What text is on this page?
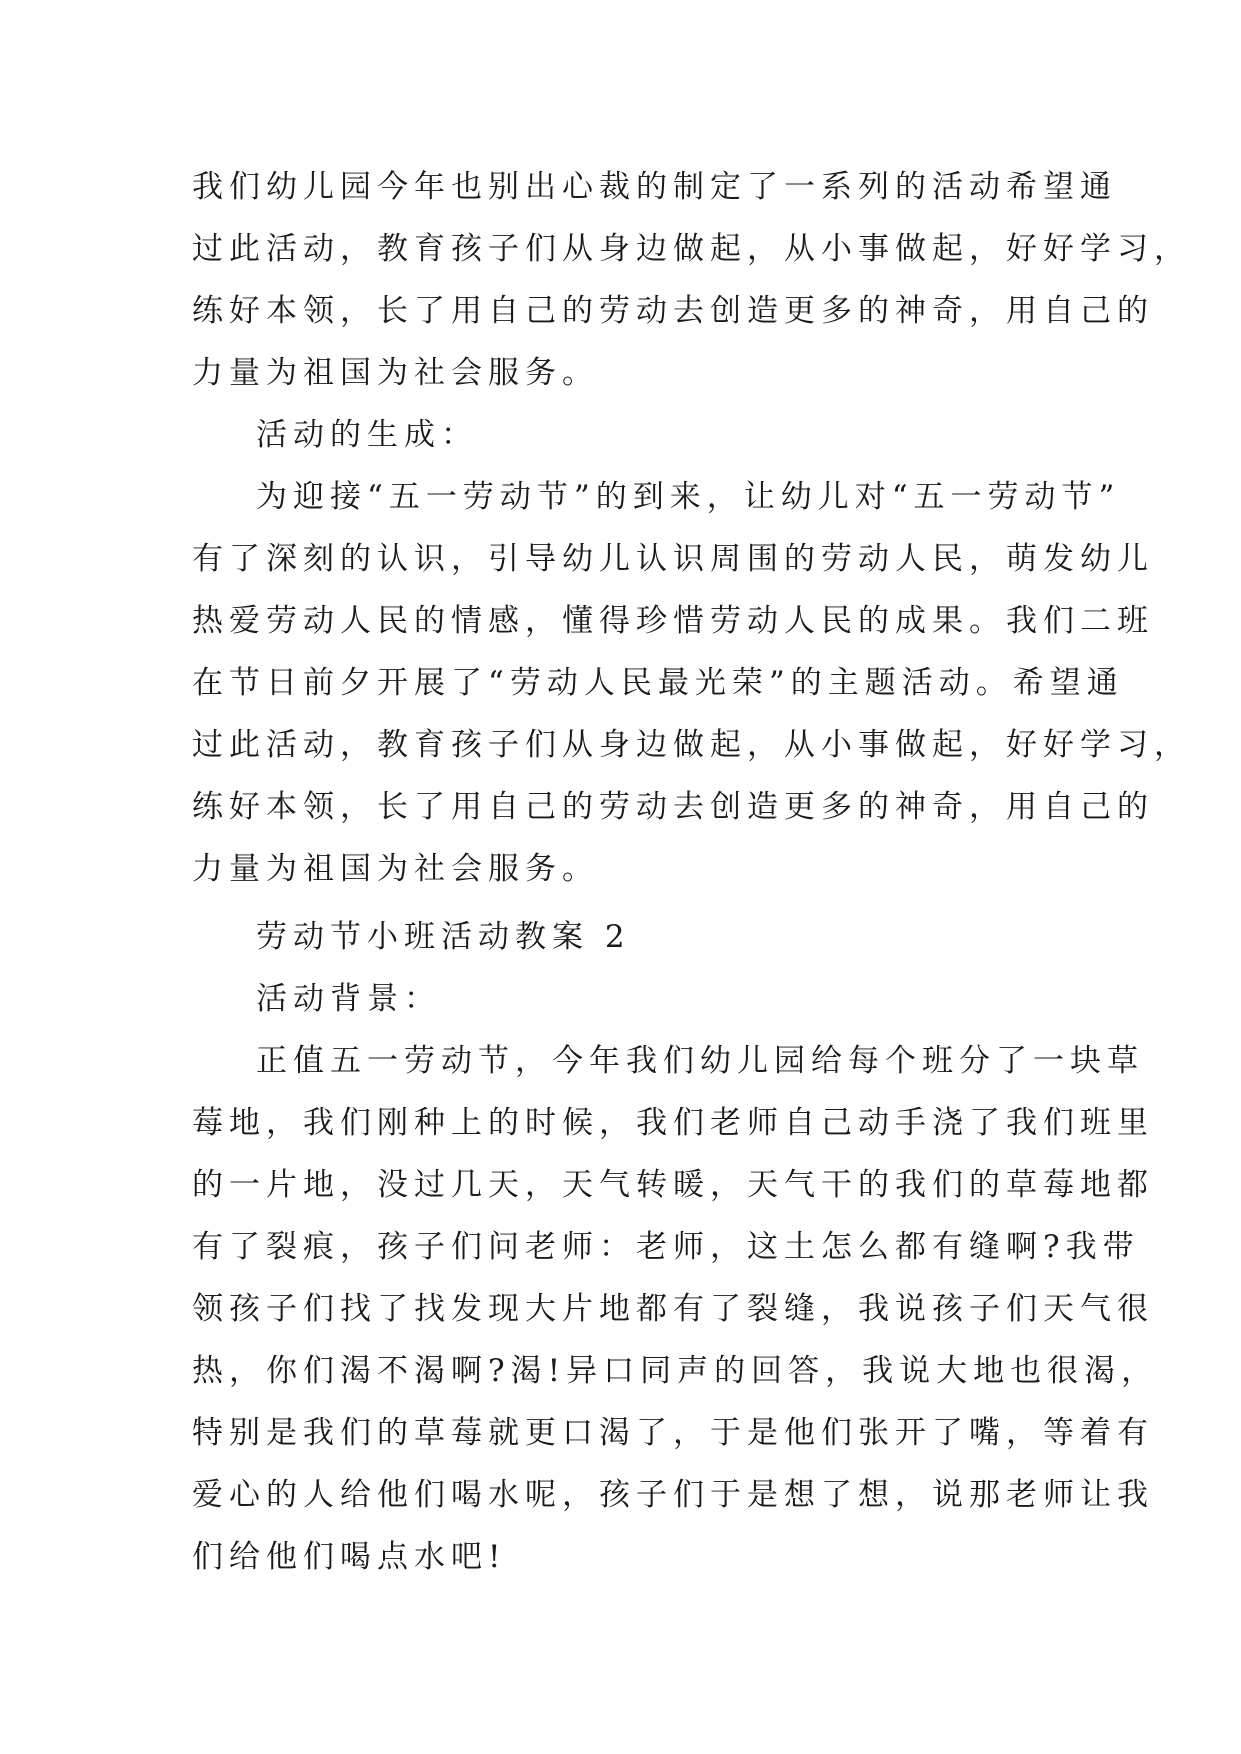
我们幼儿园今年也别出心裁的制定了一系列的活动希望通
过此活动，教育孩子们从身边做起，从小事做起，好好学习，
练好本领，长了用自己的劳动去创造更多的神奇，用自己的
力量为祖国为社会服务。
活动的生成：
为迎接“五一劳动节”的到来，让幼儿对“五一劳动节”
有了深刻的认识，引导幼儿认识周围的劳动人民，萌发幼儿
热爱劳动人民的情感，懂得珍惜劳动人民的成果。我们二班
在节日前夕开展了“劳动人民最光荣”的主题活动。希望通
过此活动，教育孩子们从身边做起，从小事做起，好好学习，
练好本领，长了用自己的劳动去创造更多的神奇，用自己的
力量为祖国为社会服务。
劳动节小班活动教案 2
活动背景：
正值五一劳动节，今年我们幼儿园给每个班分了一块草
莓地，我们刚种上的时候，我们老师自己动手浇了我们班里
的一片地，没过几天，天气转暖，天气干的我们的草莓地都
有了裂痕，孩子们问老师：老师，这土怎么都有缝啊?我带
领孩子们找了找发现大片地都有了裂缝，我说孩子们天气很
热，你们渴不渴啊?渴!异口同声的回答，我说大地也很渴，
特别是我们的草莓就更口渴了，于是他们张开了嘴，等着有
爱心的人给他们喝水呢，孩子们于是想了想，说那老师让我
们给他们喝点水吧!
